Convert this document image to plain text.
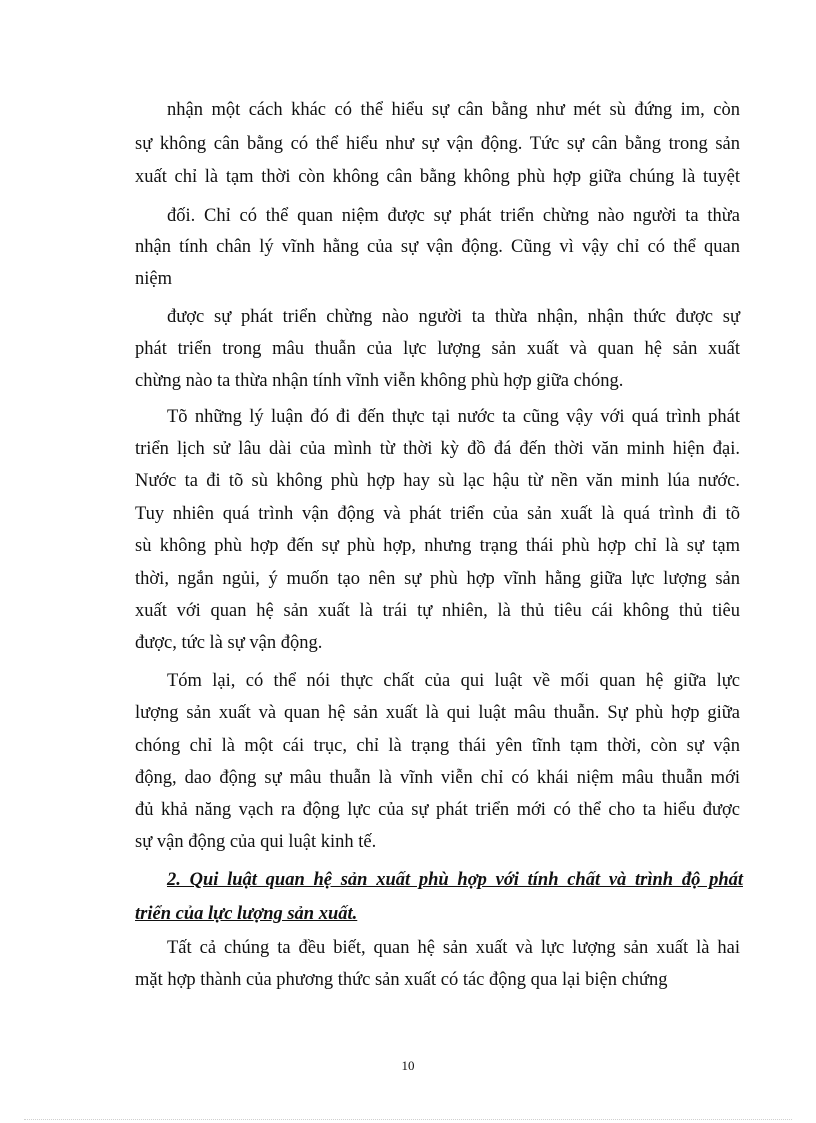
nhận một cách khác có thể hiểu sự cân bằng như mét sù đứng im, còn
sự không cân bằng có thể hiểu như sự vận động. Tức sự cân bằng trong sản
xuất chỉ là tạm thời còn không cân bằng không phù hợp giữa chúng là tuyệt
đối. Chỉ có thể quan niệm được sự phát triển chừng nào người ta thừa
nhận tính chân lý vĩnh hằng của sự vận động. Cũng vì vậy chỉ có thể quan
niệm
được sự phát triển chừng nào người ta thừa nhận, nhận thức được sự
phát triển trong mâu thuẫn của lực lượng sản xuất và quan hệ sản xuất
chừng nào ta thừa nhận tính vĩnh viễn không phù hợp giữa chóng.
Tõ những lý luận đó đi đến thực tại nước ta cũng vậy với quá trình phát
triển lịch sử lâu dài của mình từ thời kỳ đồ đá đến thời văn minh hiện đại.
Nước ta đi tõ sù không phù hợp hay sù lạc hậu từ nền văn minh lúa nước.
Tuy nhiên quá trình vận động và phát triển của sản xuất là quá trình đi tõ
sù không phù hợp đến sự phù hợp, nhưng trạng thái phù hợp chỉ là sự tạm
thời, ngắn ngủi, ý muốn tạo nên sự phù hợp vĩnh hằng giữa lực lượng sản
xuất với quan hệ sản xuất là trái tự nhiên, là thủ tiêu cái không thủ tiêu
được, tức là sự vận động.
Tóm lại, có thể nói thực chất của qui luật về mối quan hệ giữa lực
lượng sản xuất và quan hệ sản xuất là qui luật mâu thuẫn. Sự phù hợp giữa
chóng chỉ là một cái trục, chỉ là trạng thái yên tĩnh tạm thời, còn sự vận
động, dao động sự mâu thuẫn là vĩnh viễn chỉ có khái niệm mâu thuẫn mới
đủ khả năng vạch ra động lực của sự phát triển mới có thể cho ta hiểu được
sự vận động của qui luật kinh tế.
2. Qui luật quan hệ sản xuất phù hợp với tính chất và trình độ phát
triển của lực lượng sản xuất.
Tất cả chúng ta đều biết, quan hệ sản xuất và lực lượng sản xuất là hai
mặt hợp thành của phương thức sản xuất có tác động qua lại biện chứng
10
